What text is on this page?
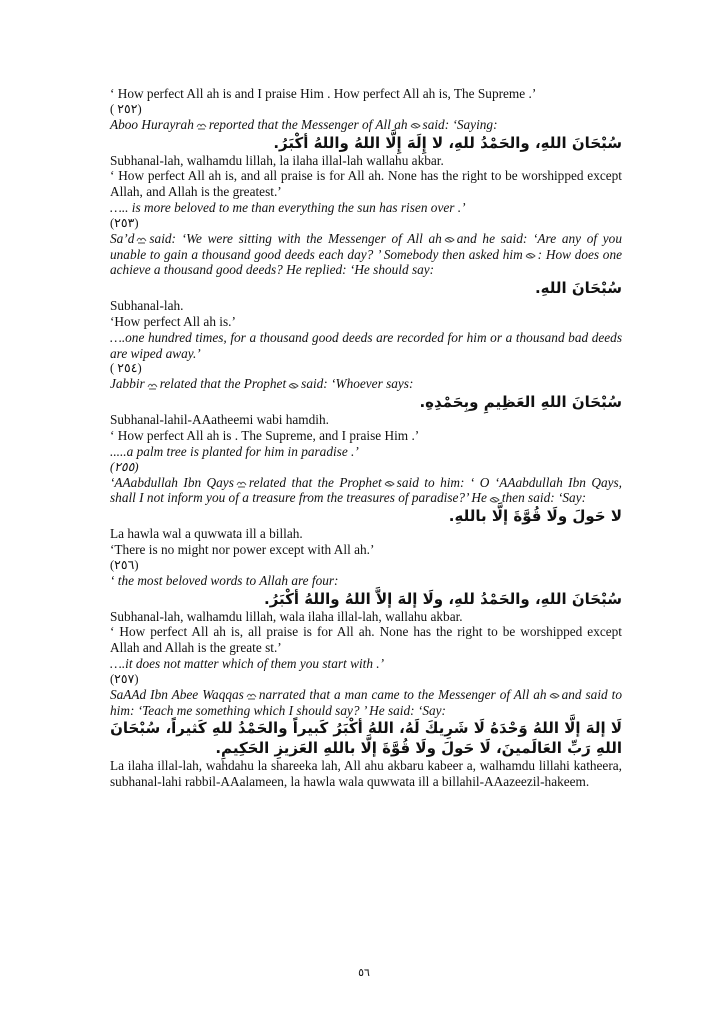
‘ How perfect All ah is and I praise Him . How perfect All ah is, The Supreme .’
( ٢٥٢)
Aboo Hurayrah reported that the Messenger of All ah said: ‘Saying:
سُبْحَانَ اللهِ، والحَمْدُ للهِ، لا إِلَهَ إِلَّا اللهُ واللهُ أكْبَرُ.
Subhanal-lah, walhamdu lillah, la ilaha illal-lah wallahu akbar.
‘ How perfect All ah is, and all praise is for All ah. None has the right to be worshipped except Allah, and Allah is the greatest.’
….. is more beloved to me than everything the sun has risen over .’
(٢٥٣)
Sa’d said: ‘We were sitting with the Messenger of All ah and he said: ‘Are any of you unable to gain a thousand good deeds each day? ’ Somebody then asked him : How does one achieve a thousand good deeds? He replied: ‘He should say:
سُبْحَانَ اللهِ.
Subhanal-lah.
‘How perfect All ah is.’
….one hundred times, for a thousand good deeds are recorded for him or a thousand bad deeds are wiped away.’
( ٢٥٤)
Jabbir related that the Prophet said: ‘Whoever says:
سُبْحَانَ اللهِ العَظِيمِ وبِحَمْدِهِ.
Subhanal-lahil-AAatheemi wabi hamdih.
‘ How perfect All ah is . The Supreme, and I praise Him .’
.....a palm tree is planted for him in paradise .’
(٢٥٥)
‘AAabdullah Ibn Qays related that the Prophet said to him: ‘ O ‘AAabdullah Ibn Qays, shall I not inform you of a treasure from the treasures of paradise?’ He then said: ‘Say:
لا حَولَ ولَا قُوَّةَ إلَّا باللهِ.
La hawla wal a quwwata ill a billah.
‘There is no might nor power except with All ah.’
(٢٥٦)
‘ the most beloved words to Allah are four:
سُبْحَانَ اللهِ، والحَمْدُ للهِ، ولَا إلهَ إلاَّ اللهُ واللهُ أكْبَرُ.
Subhanal-lah, walhamdu lillah, wala ilaha illal-lah, wallahu akbar.
‘ How perfect All ah is, all praise is for All ah. None has the right to be worshipped except Allah and Allah is the greate st.’
….it does not matter which of them you start with .’
(٢٥٧)
SaAAd Ibn Abee Waqqas narrated that a man came to the Messenger of All ah and said to him: ‘Teach me something which I should say? ’ He said: ‘Say:
لَا إلهَ إلَّا اللهُ وَحْدَهُ لَا شَرِيكَ لَهُ، اللهُ أكْبَرُ كَبيراً والحَمْدُ للهِ كَثيراً، سُبْحَانَ اللهِ رَبِّ العَالَمينَ، لَا حَولَ ولَا قُوَّةَ إلَّا باللهِ العَزيزِ الحَكِيمِ.
La ilaha illal-lah, wahdahu la shareeka lah, All ahu akbaru kabeer a, walhamdu lillahi katheera, subhanal-lahi rabbil-AAalameen, la hawla wala quwwata ill a billahil-AAazeezil-hakeem.
٥٦
